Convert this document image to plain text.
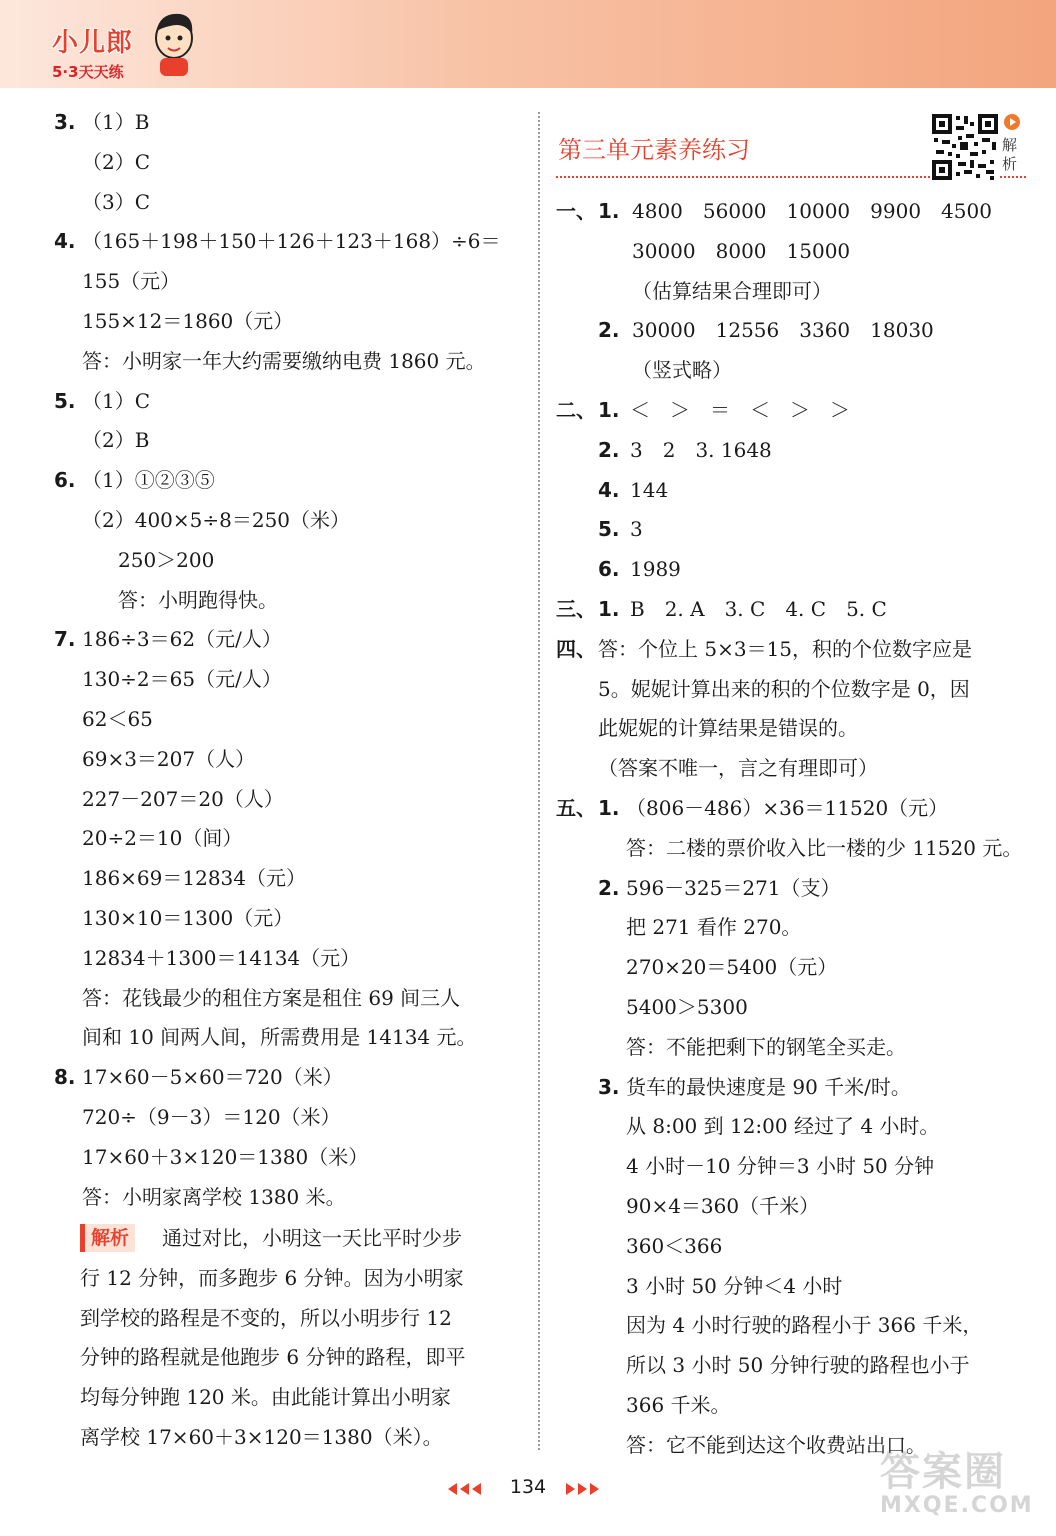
小儿郎
5·3天天练
3. （1）B
（2）C
（3）C
4. （165＋198＋150＋126＋123＋168）÷6＝
155（元）
155×12＝1860（元）
答：小明家一年大约需要缴纳电费 1860 元。
5. （1）C
（2）B
6. （1）①②③⑤
（2）400×5÷8＝250（米）
250＞200
答：小明跑得快。
7. 186÷3＝62（元/人）
130÷2＝65（元/人）
62＜65
69×3＝207（人）
227－207＝20（人）
20÷2＝10（间）
186×69＝12834（元）
130×10＝1300（元）
12834＋1300＝14134（元）
答：花钱最少的租住方案是租住 69 间三人
间和 10 间两人间，所需费用是 14134 元。
8. 17×60－5×60＝720（米）
720÷（9－3）＝120（米）
17×60＋3×120＝1380（米）
答：小明家离学校 1380 米。
解析	通过对比，小明这一天比平时少步
行 12 分钟，而多跑步 6 分钟。因为小明家
到学校的路程是不变的，所以小明步行 12
分钟的路程就是他跑步 6 分钟的路程，即平
均每分钟跑 120 米。由此能计算出小明家
离学校 17×60＋3×120＝1380（米）。
第三单元素养练习	解析
一、 1. 4800　56000　10000　9900　4500
30000　8000　15000
（估算结果合理即可）
2. 30000　12556　3360　18030
（竖式略）
二、 1. ＜　＞　＝　＜　＞　＞
2. 3　2　3. 1648
4. 144
5. 3
6. 1989
三、 1. B　2. A　3. C　4. C　5. C
四、 答：个位上 5×3＝15，积的个位数字应是
5。妮妮计算出来的积的个位数字是 0，因
此妮妮的计算结果是错误的。
（答案不唯一，言之有理即可）
五、 1. （806－486）×36＝11520（元）
答：二楼的票价收入比一楼的少 11520 元。
2. 596－325＝271（支）
把 271 看作 270。
270×20＝5400（元）
5400＞5300
答：不能把剩下的钢笔全买走。
3. 货车的最快速度是 90 千米/时。
从 8:00 到 12:00 经过了 4 小时。
4 小时－10 分钟＝3 小时 50 分钟
90×4＝360（千米）
360＜366
3 小时 50 分钟＜4 小时
因为 4 小时行驶的路程小于 366 千米，
所以 3 小时 50 分钟行驶的路程也小于
366 千米。
答：它不能到达这个收费站出口。
134	答案圈
MXQE.COM
